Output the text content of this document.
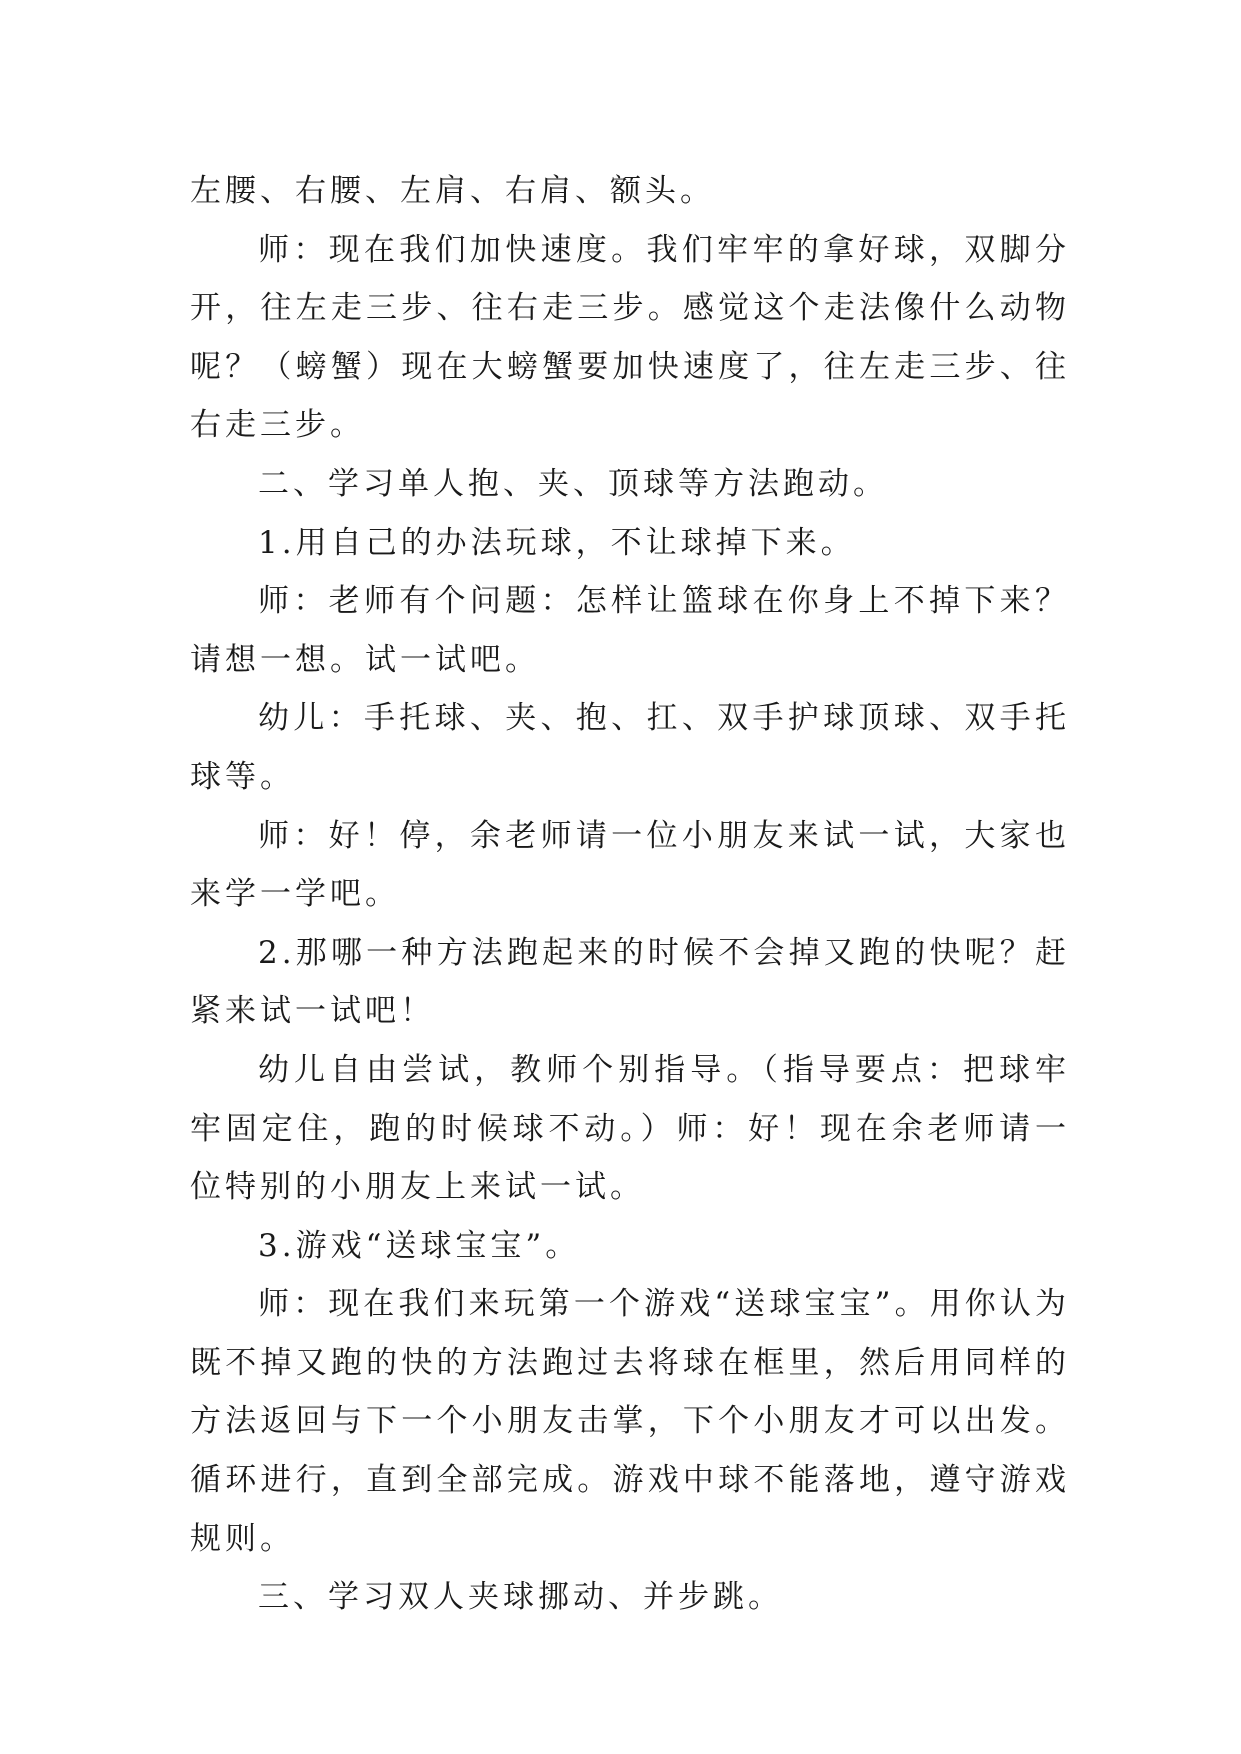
左腰、右腰、左肩、右肩、额头。

师：现在我们加快速度。我们牢牢的拿好球，双脚分开，往左走三步、往右走三步。感觉这个走法像什么动物呢？（螃蟹）现在大螃蟹要加快速度了，往左走三步、往右走三步。

二、学习单人抱、夹、顶球等方法跑动。

1.用自己的办法玩球，不让球掉下来。

师：老师有个问题：怎样让篮球在你身上不掉下来？请想一想。试一试吧。

幼儿：手托球、夹、抱、扛、双手护球顶球、双手托球等。

师：好！停，余老师请一位小朋友来试一试，大家也来学一学吧。

2.那哪一种方法跑起来的时候不会掉又跑的快呢？赶紧来试一试吧！

幼儿自由尝试，教师个别指导。（指导要点：把球牢牢固定住，跑的时候球不动。）师：好！现在余老师请一位特别的小朋友上来试一试。

3.游戏“送球宝宝”。

师：现在我们来玩第一个游戏“送球宝宝”。用你认为既不掉又跑的快的方法跑过去将球在框里，然后用同样的方法返回与下一个小朋友击掌，下个小朋友才可以出发。循环进行，直到全部完成。游戏中球不能落地，遵守游戏规则。

三、学习双人夹球挪动、并步跳。
